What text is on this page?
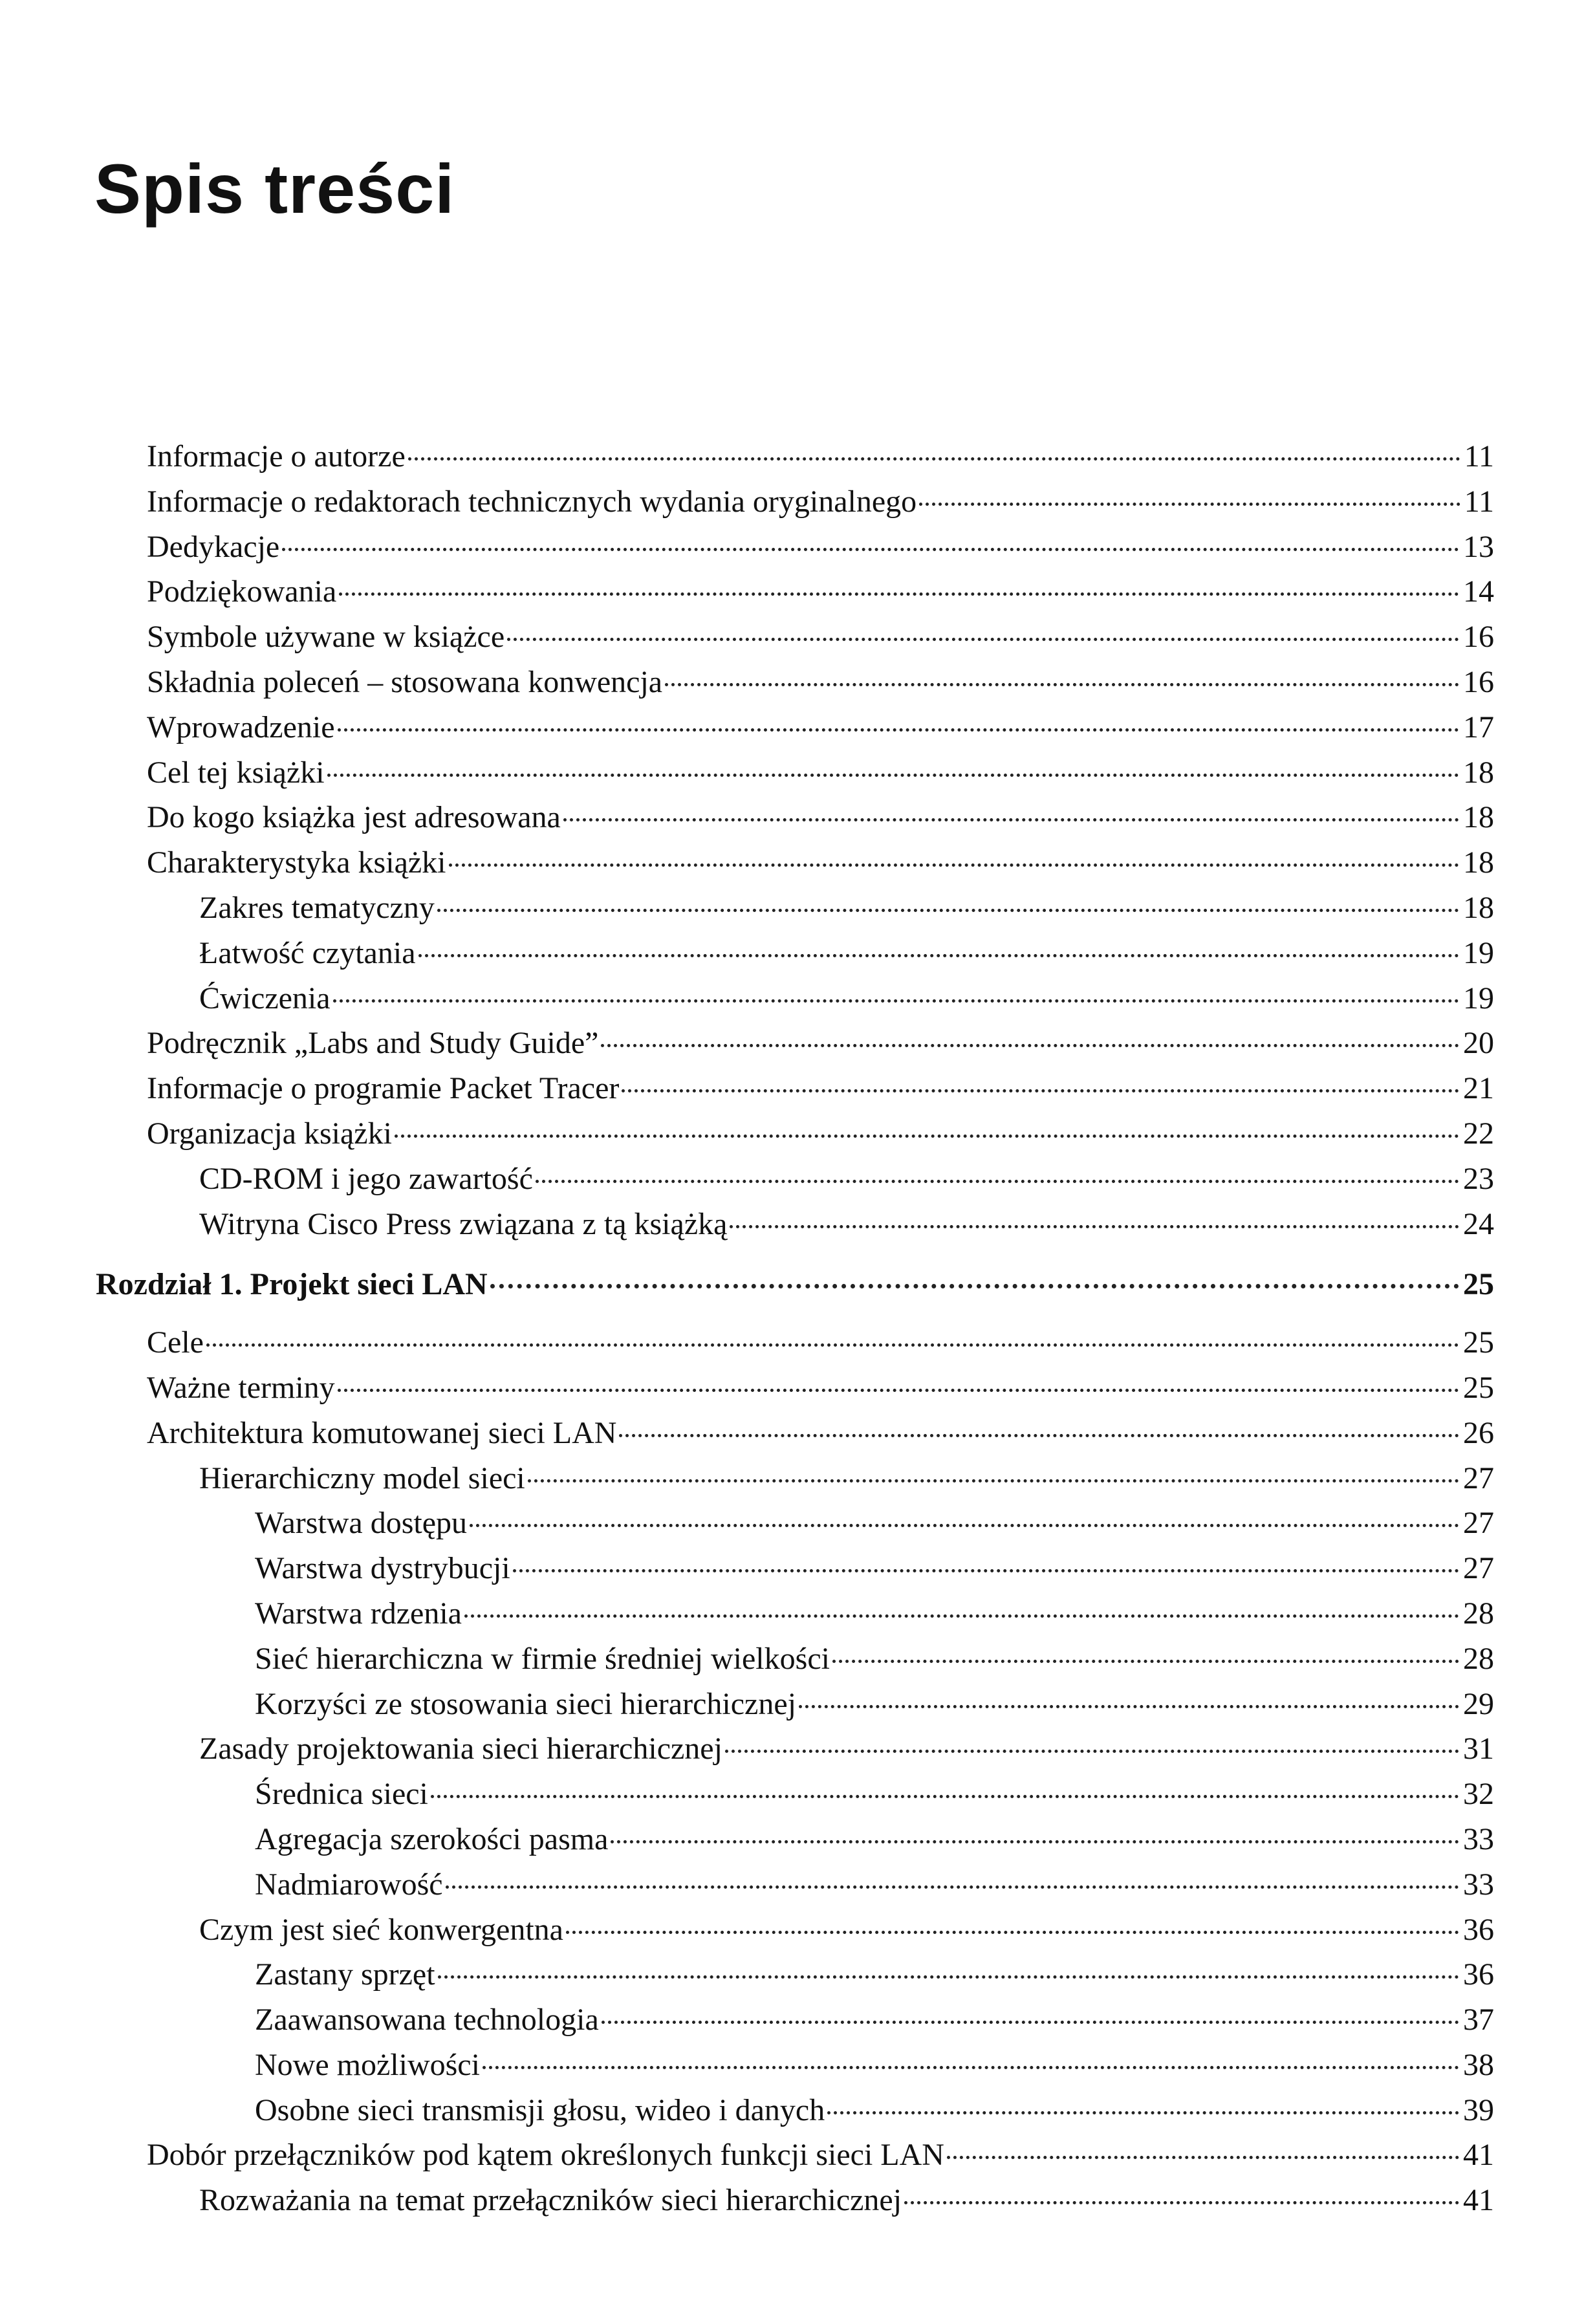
Spis treści
Informacje o autorze	11
Informacje o redaktorach technicznych wydania oryginalnego	11
Dedykacje	13
Podziękowania	14
Symbole używane w książce	16
Składnia poleceń – stosowana konwencja	16
Wprowadzenie	17
Cel tej książki	18
Do kogo książka jest adresowana	18
Charakterystyka książki	18
Zakres tematyczny	18
Łatwość czytania	19
Ćwiczenia	19
Podręcznik „Labs and Study Guide”	20
Informacje o programie Packet Tracer	21
Organizacja książki	22
CD-ROM i jego zawartość	23
Witryna Cisco Press związana z tą książką	24
Rozdział 1. Projekt sieci LAN	25
Cele	25
Ważne terminy	25
Architektura komutowanej sieci LAN	26
Hierarchiczny model sieci	27
Warstwa dostępu	27
Warstwa dystrybucji	27
Warstwa rdzenia	28
Sieć hierarchiczna w firmie średniej wielkości	28
Korzyści ze stosowania sieci hierarchicznej	29
Zasady projektowania sieci hierarchicznej	31
Średnica sieci	32
Agregacja szerokości pasma	33
Nadmiarowość	33
Czym jest sieć konwergentna	36
Zastany sprzęt	36
Zaawansowana technologia	37
Nowe możliwości	38
Osobne sieci transmisji głosu, wideo i danych	39
Dobór przełączników pod kątem określonych funkcji sieci LAN	41
Rozważania na temat przełączników sieci hierarchicznej	41
